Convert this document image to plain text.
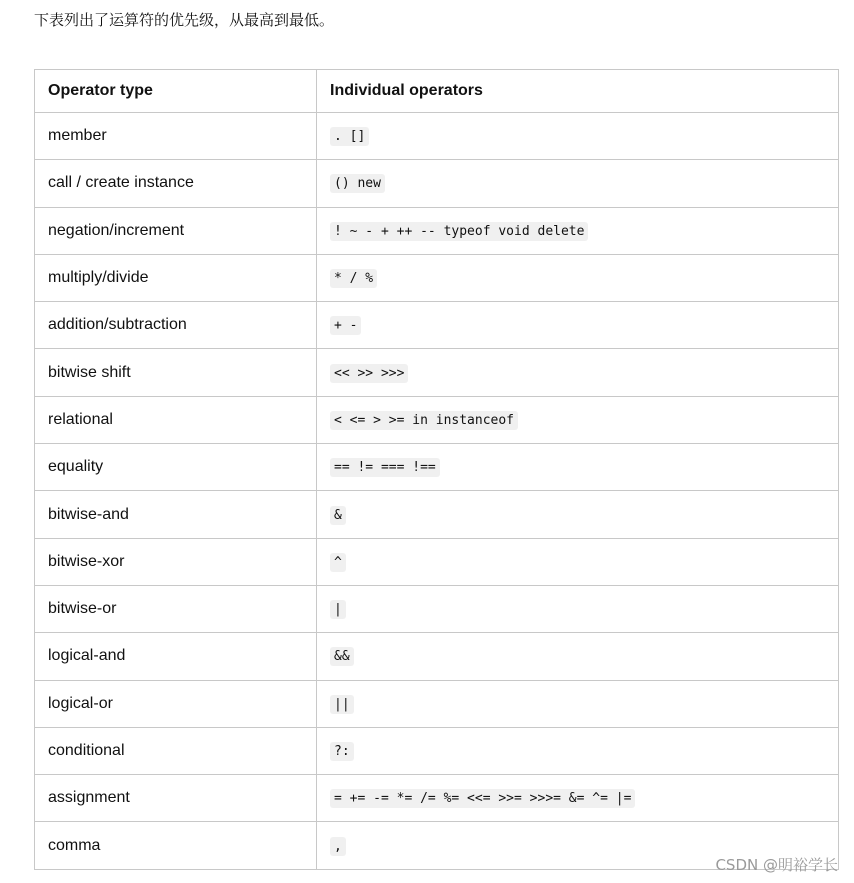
下表列出了运算符的优先级，从最高到最低。
Operator type	Individual operators
member	. []
call / create instance	() new
negation/increment	! ~ - + ++ -- typeof void delete
multiply/divide	* / %
addition/subtraction	+ -
bitwise shift	<< >> >>>
relational	< <= > >= in instanceof
equality	== != === !==
bitwise-and	&
bitwise-xor	^
bitwise-or	|
logical-and	&&
logical-or	||
conditional	?:
assignment	= += -= *= /= %= <<= >>= >>>= &= ^= |=
comma	,
CSDN @明裕学长
